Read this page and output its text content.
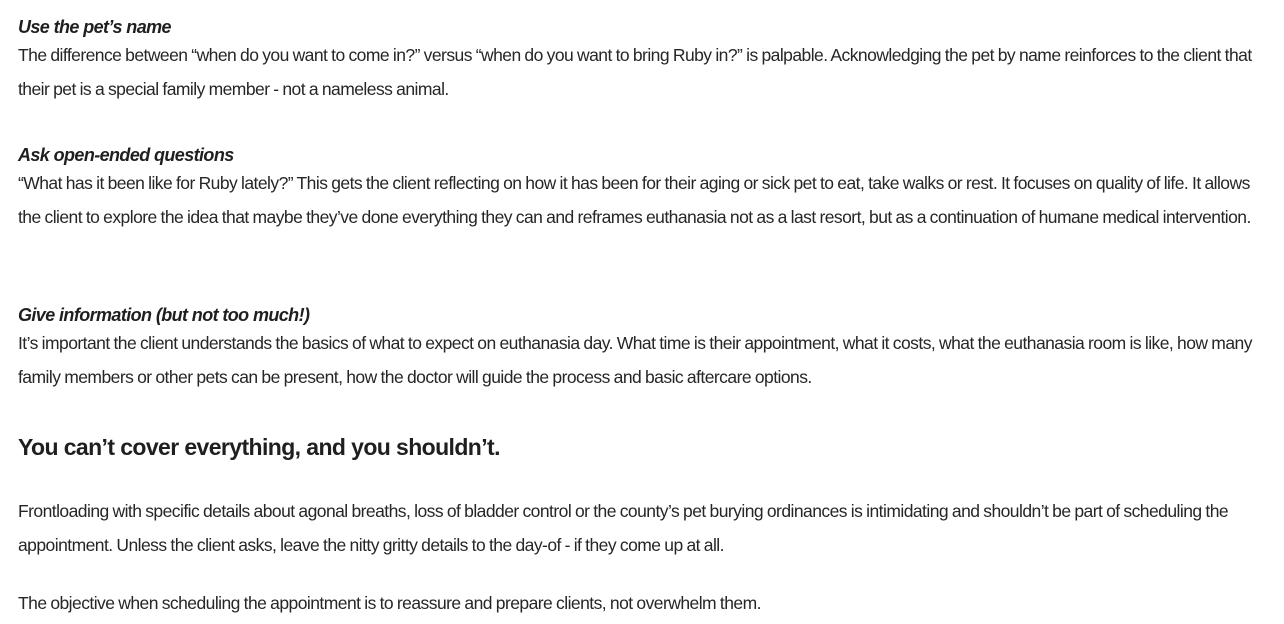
Use the pet’s name

The difference between “when do you want to come in?” versus “when do you want to bring Ruby in?” is palpable. Acknowledging the pet by name reinforces to the client that their pet is a special family member - not a nameless animal.

Ask open-ended questions

“What has it been like for Ruby lately?” This gets the client reflecting on how it has been for their aging or sick pet to eat, take walks or rest. It focuses on quality of life. It allows the client to explore the idea that maybe they’ve done everything they can and reframes euthanasia not as a last resort, but as a continuation of humane medical intervention.

Give information (but not too much!)

It’s important the client understands the basics of what to expect on euthanasia day. What time is their appointment, what it costs, what the euthanasia room is like, how many family members or other pets can be present, how the doctor will guide the process and basic aftercare options.

You can’t cover everything, and you shouldn’t.

Frontloading with specific details about agonal breaths, loss of bladder control or the county’s pet burying ordinances is intimidating and shouldn’t be part of scheduling the appointment. Unless the client asks, leave the nitty gritty details to the day-of - if they come up at all.

The objective when scheduling the appointment is to reassure and prepare clients, not overwhelm them.
